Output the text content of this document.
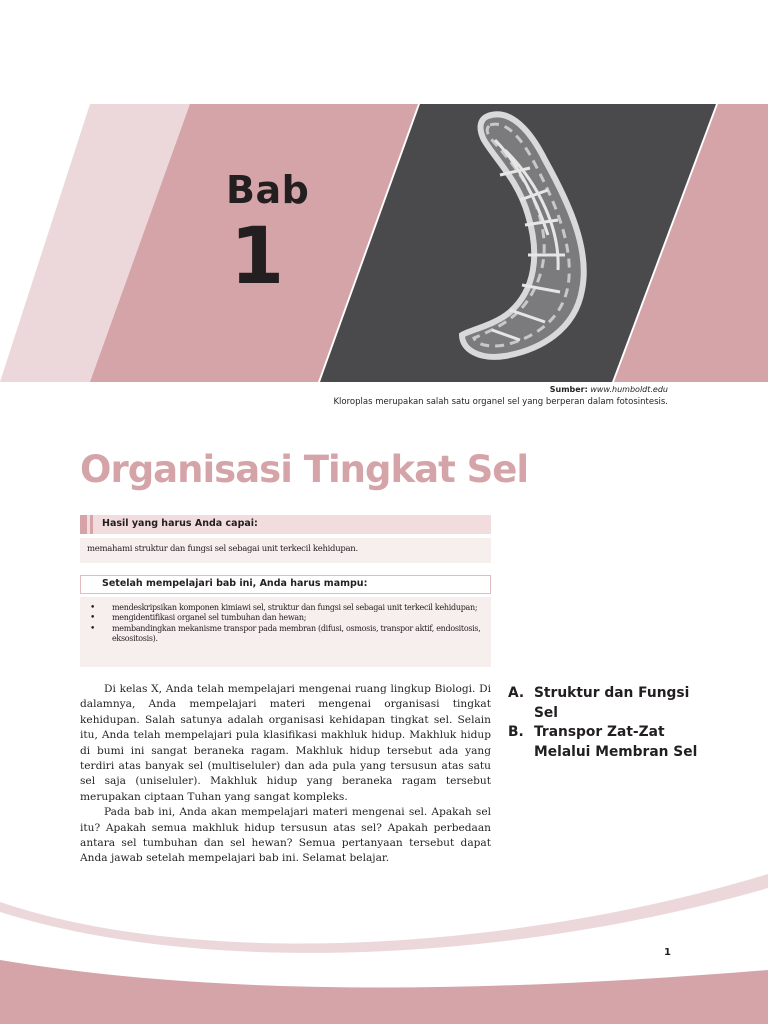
Bab
1
Sumber: www.humboldt.edu
Kloroplas merupakan salah satu organel sel yang berperan dalam fotosintesis.
Organisasi Tingkat Sel
Hasil yang harus Anda capai:
memahami struktur dan fungsi sel sebagai unit terkecil kehidupan.
Setelah mempelajari bab ini, Anda harus mampu:
• mendeskripsikan komponen kimiawi sel, struktur dan fungsi sel sebagai unit terkecil kehidupan;
• mengidentifikasi organel sel tumbuhan dan hewan;
• membandingkan mekanisme transpor pada membran (difusi, osmosis, transpor aktif, endositosis, eksositosis).

Di kelas X, Anda telah mempelajari mengenai ruang lingkup Biologi. Di dalamnya, Anda mempelajari materi mengenai organisasi tingkat kehidupan. Salah satunya adalah organisasi kehidapan tingkat sel. Selain itu, Anda telah mempelajari pula klasifikasi makhluk hidup. Makhluk hidup di bumi ini sangat beraneka ragam. Makhluk hidup tersebut ada yang terdiri atas banyak sel (multiseluler) dan ada pula yang tersusun atas satu sel saja (uniseluler). Makhluk hidup yang beraneka ragam tersebut merupakan ciptaan Tuhan yang sangat kompleks.

Pada bab ini, Anda akan mempelajari materi mengenai sel. Apakah sel itu? Apakah semua makhluk hidup tersusun atas sel? Apakah perbedaan antara sel tumbuhan dan sel hewan? Semua pertanyaan tersebut dapat Anda jawab setelah mempelajari bab ini. Selamat belajar.

A. Struktur dan Fungsi Sel
B. Transpor Zat-Zat Melalui Membran Sel
1
